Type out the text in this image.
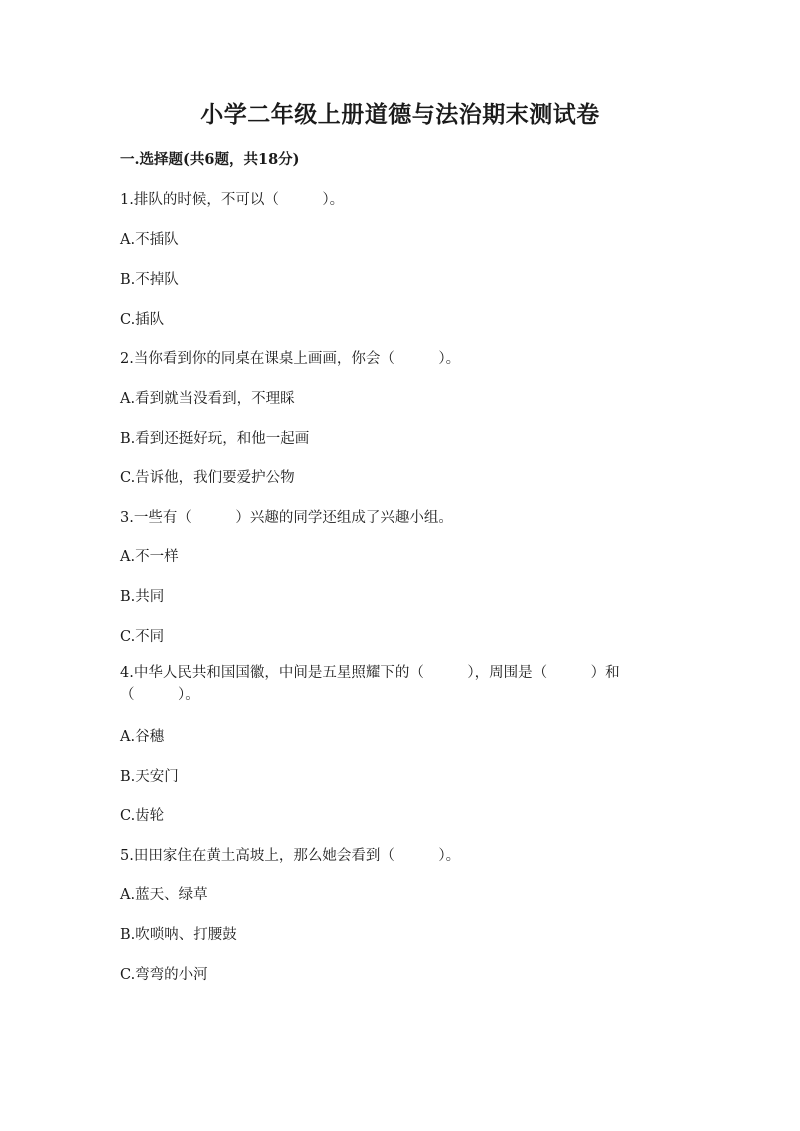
小学二年级上册道德与法治期末测试卷
一.选择题(共6题，共18分)
1.排队的时候，不可以（　　　）。
A.不插队
B.不掉队
C.插队
2.当你看到你的同桌在课桌上画画，你会（　　　）。
A.看到就当没看到，不理睬
B.看到还挺好玩，和他一起画
C.告诉他，我们要爱护公物
3.一些有（　　　）兴趣的同学还组成了兴趣小组。
A.不一样
B.共同
C.不同
4.中华人民共和国国徽，中间是五星照耀下的（　　　），周围是（　　　）和（　　　）。
A.谷穗
B.天安门
C.齿轮
5.田田家住在黄土高坡上，那么她会看到（　　　）。
A.蓝天、绿草
B.吹唢呐、打腰鼓
C.弯弯的小河
